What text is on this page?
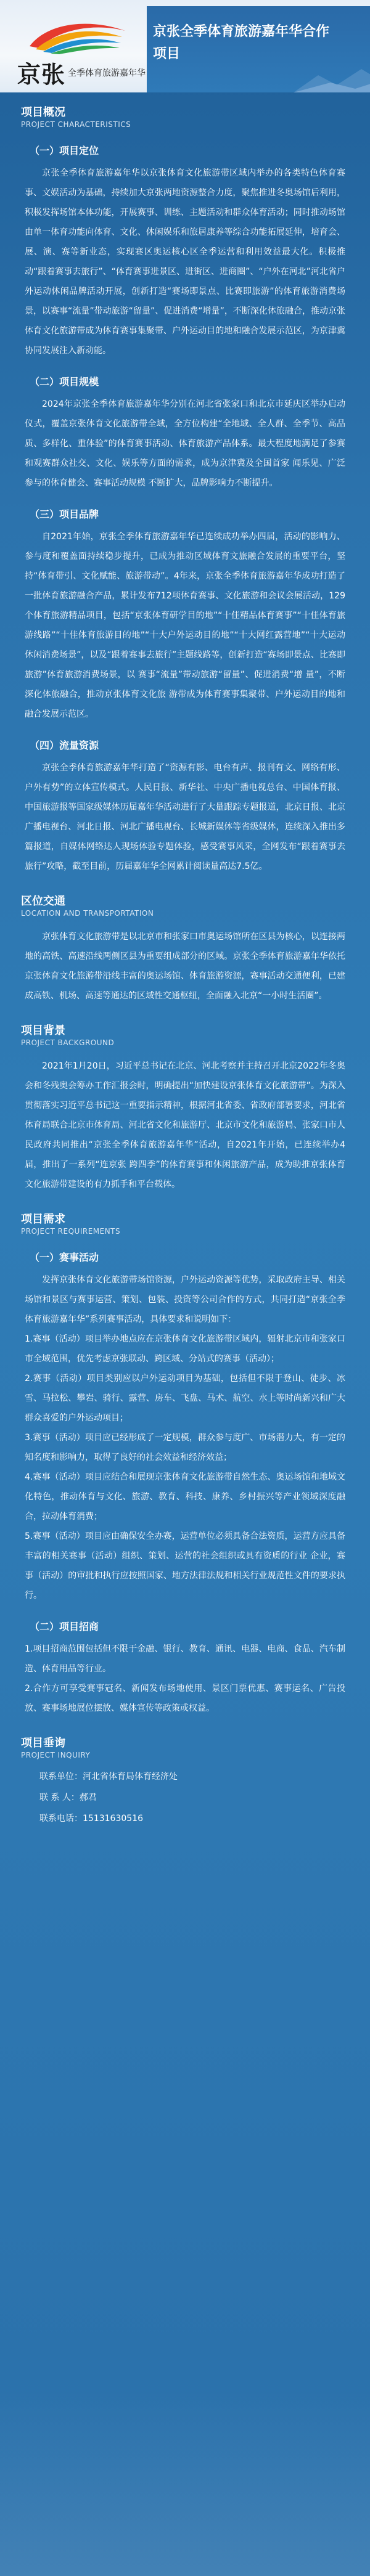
京张 全季体育旅游嘉年华
京张全季体育旅游嘉年华合作项目
项目概况
PROJECT CHARACTERISTICS
（一）项目定位

京张全季体育旅游嘉年华以京张体育文化旅游带区域内举办的各类特色体育赛事、文娱活动为基础，持续加大京张两地资源整合力度，聚焦推进冬奥场馆后利用，积极发挥场馆本体功能，开展赛事、训练、主题活动和群众体育活动；同时推动场馆由单一体育功能向体育、文化、休闲娱乐和旅居康养等综合功能拓展延伸，培育会、展、演、赛等新业态，实现赛区奥运核心区全季运营和利用效益最大化。积极推动“跟着赛事去旅行”、“体育赛事进景区、进街区、进商圈”、“户外在河北”河北省户外运动休闲品牌活动开展，创新打造“赛场即景点、比赛即旅游”的体育旅游消费场景，以赛事“流量”带动旅游“留量”、促进消费“增量”，不断深化体旅融合，推动京张体育文化旅游带成为体育赛事集聚带、户外运动目的地和融合发展示范区，为京津冀协同发展注入新动能。

（二）项目规模

2024年京张全季体育旅游嘉年华分别在河北省张家口和北京市延庆区举办启动仪式，覆盖京张体育文化旅游带全域，全方位构建“全地域、全人群、全季节、高品质、多样化、重体验”的体育赛事活动、体育旅游产品体系。最大程度地满足了参赛和观赛群众社交、文化、娱乐等方面的需求，成为京津冀及全国首家 闻乐见、广泛参与的体育健会、赛事活动规模 不断扩大，品牌影响力不断提升。

（三）项目品牌

自2021年始，京张全季体育旅游嘉年华已连续成功举办四届，活动的影响力、参与度和覆盖面持续稳步提升，已成为推动区域体育文旅融合发展的重要平台，坚持“体育带引、文化赋能、旅游带动”。4年来，京张全季体育旅游嘉年华成功打造了一批体育旅游融合产品，累计发布712项体育赛事、文化旅游和会议会展活动，129个体育旅游精品项目，包括“京张体育研学目的地”“十佳精品体育赛事”“十佳体育旅游线路”“十佳体育旅游目的地”“十大户外运动目的地”“十大网红露营地”“十大运动休闲消费场景”，以及“跟着赛事去旅行”主题线路等，创新打造“赛场即景点、比赛即旅游”体育旅游消费场景，以 赛事“流量”带动旅游“留量”、促进消费“增 量”，不断深化体旅融合，推动京张体育文化旅 游带成为体育赛事集聚带、户外运动目的地和 融合发展示范区。

（四）流量资源

京张全季体育旅游嘉年华打造了“资源有影、电台有声、报刊有文、网络有形、户外有势”的立体宣传模式。人民日报、新华社、中央广播电视总台、中国体育报、中国旅游报等国家级媒体历届嘉年华活动进行了大量跟踪专题报道，北京日报、北京广播电视台、河北日报、河北广播电视台、长城新媒体等省级媒体，连续深入推出多篇报道，自媒体网络达人现场体验专题体验，感受赛事风采，全网发布“跟着赛事去旅行”攻略，截至目前，历届嘉年华全网累计阅读量高达7.5亿。

区位交通
LOCATION AND TRANSPORTATION

京张体育文化旅游带是以北京市和张家口市奥运场馆所在区县为核心，以连接两地的高铁、高速沿线两侧区县为重要组成部分的区域。京张全季体育旅游嘉年华依托京张体育文化旅游带沿线丰富的奥运场馆、体育旅游资源，赛事活动交通便利，已建成高铁、机场、高速等通达的区域性交通枢纽，全面融入北京“一小时生活圈”。

项目背景
PROJECT BACKGROUND

2021年1月20日，习近平总书记在北京、河北考察并主持召开北京2022年冬奥会和冬残奥会筹办工作汇报会时，明确提出“加快建设京张体育文化旅游带”。为深入贯彻落实习近平总书记这一重要指示精神，根据河北省委、省政府部署要求，河北省体育局联合北京市体育局、河北省文化和旅游厅、北京市文化和旅游局、张家口市人民政府共同推出“京张全季体育旅游嘉年华”活动，自2021年开始，已连续举办4届，推出了一系列“连京张 跨四季”的体育赛事和休闲旅游产品，成为助推京张体育文化旅游带建设的有力抓手和平台载体。

项目需求
PROJECT REQUIREMENTS
（一）赛事活动

发挥京张体育文化旅游带场馆资源，户外运动资源等优势，采取政府主导、相关场馆和景区与赛事运营、策划、包装、投资等公司合作的方式，共同打造“京张全季体育旅游嘉年华”系列赛事活动，具体要求和说明如下：

1.赛事（活动）项目举办地点应在京张体育文化旅游带区域内，辐射北京市和张家口市全域范围，优先考虑京张联动、跨区域、分站式的赛事（活动）；

2.赛事（活动）项目类别应以户外运动项目为基础，包括但不限于登山、徒步、冰雪、马拉松、攀岩、骑行、露营、房车、飞盘、马术、航空、水上等时尚新兴和广大群众喜爱的户外运动项目；

3.赛事（活动）项目应已经形成了一定规模，群众参与度广、市场潜力大，有一定的知名度和影响力，取得了良好的社会效益和经济效益；

4.赛事（活动）项目应结合和展现京张体育文化旅游带自然生态、奥运场馆和地域文化特色，推动体育与文化、旅游、教育、科技、康养、乡村振兴等产业领域深度融合，拉动体育消费；

5.赛事（活动）项目应由确保安全办赛，运营单位必须具备合法资质，运营方应具备丰富的相关赛事（活动）组织、策划、运营的社会组织或具有资质的行业 企业，赛事（活动）的审批和执行应按照国家、地方法律法规和相关行业规范性文件的要求执行。

（二）项目招商

1.项目招商范围包括但不限于金融、银行、教育、通讯、电器、电商、食品、汽车制造、体育用品等行业。

2.合作方可享受赛事冠名、新闻发布场地使用、景区门票优惠、赛事运名、广告投放、赛事场地展位摆放、媒体宣传等政策或权益。

项目垂询
PROJECT INQUIRY
联系单位：河北省体育局体育经济处
联 系 人：郝君
联系电话：15131630516
